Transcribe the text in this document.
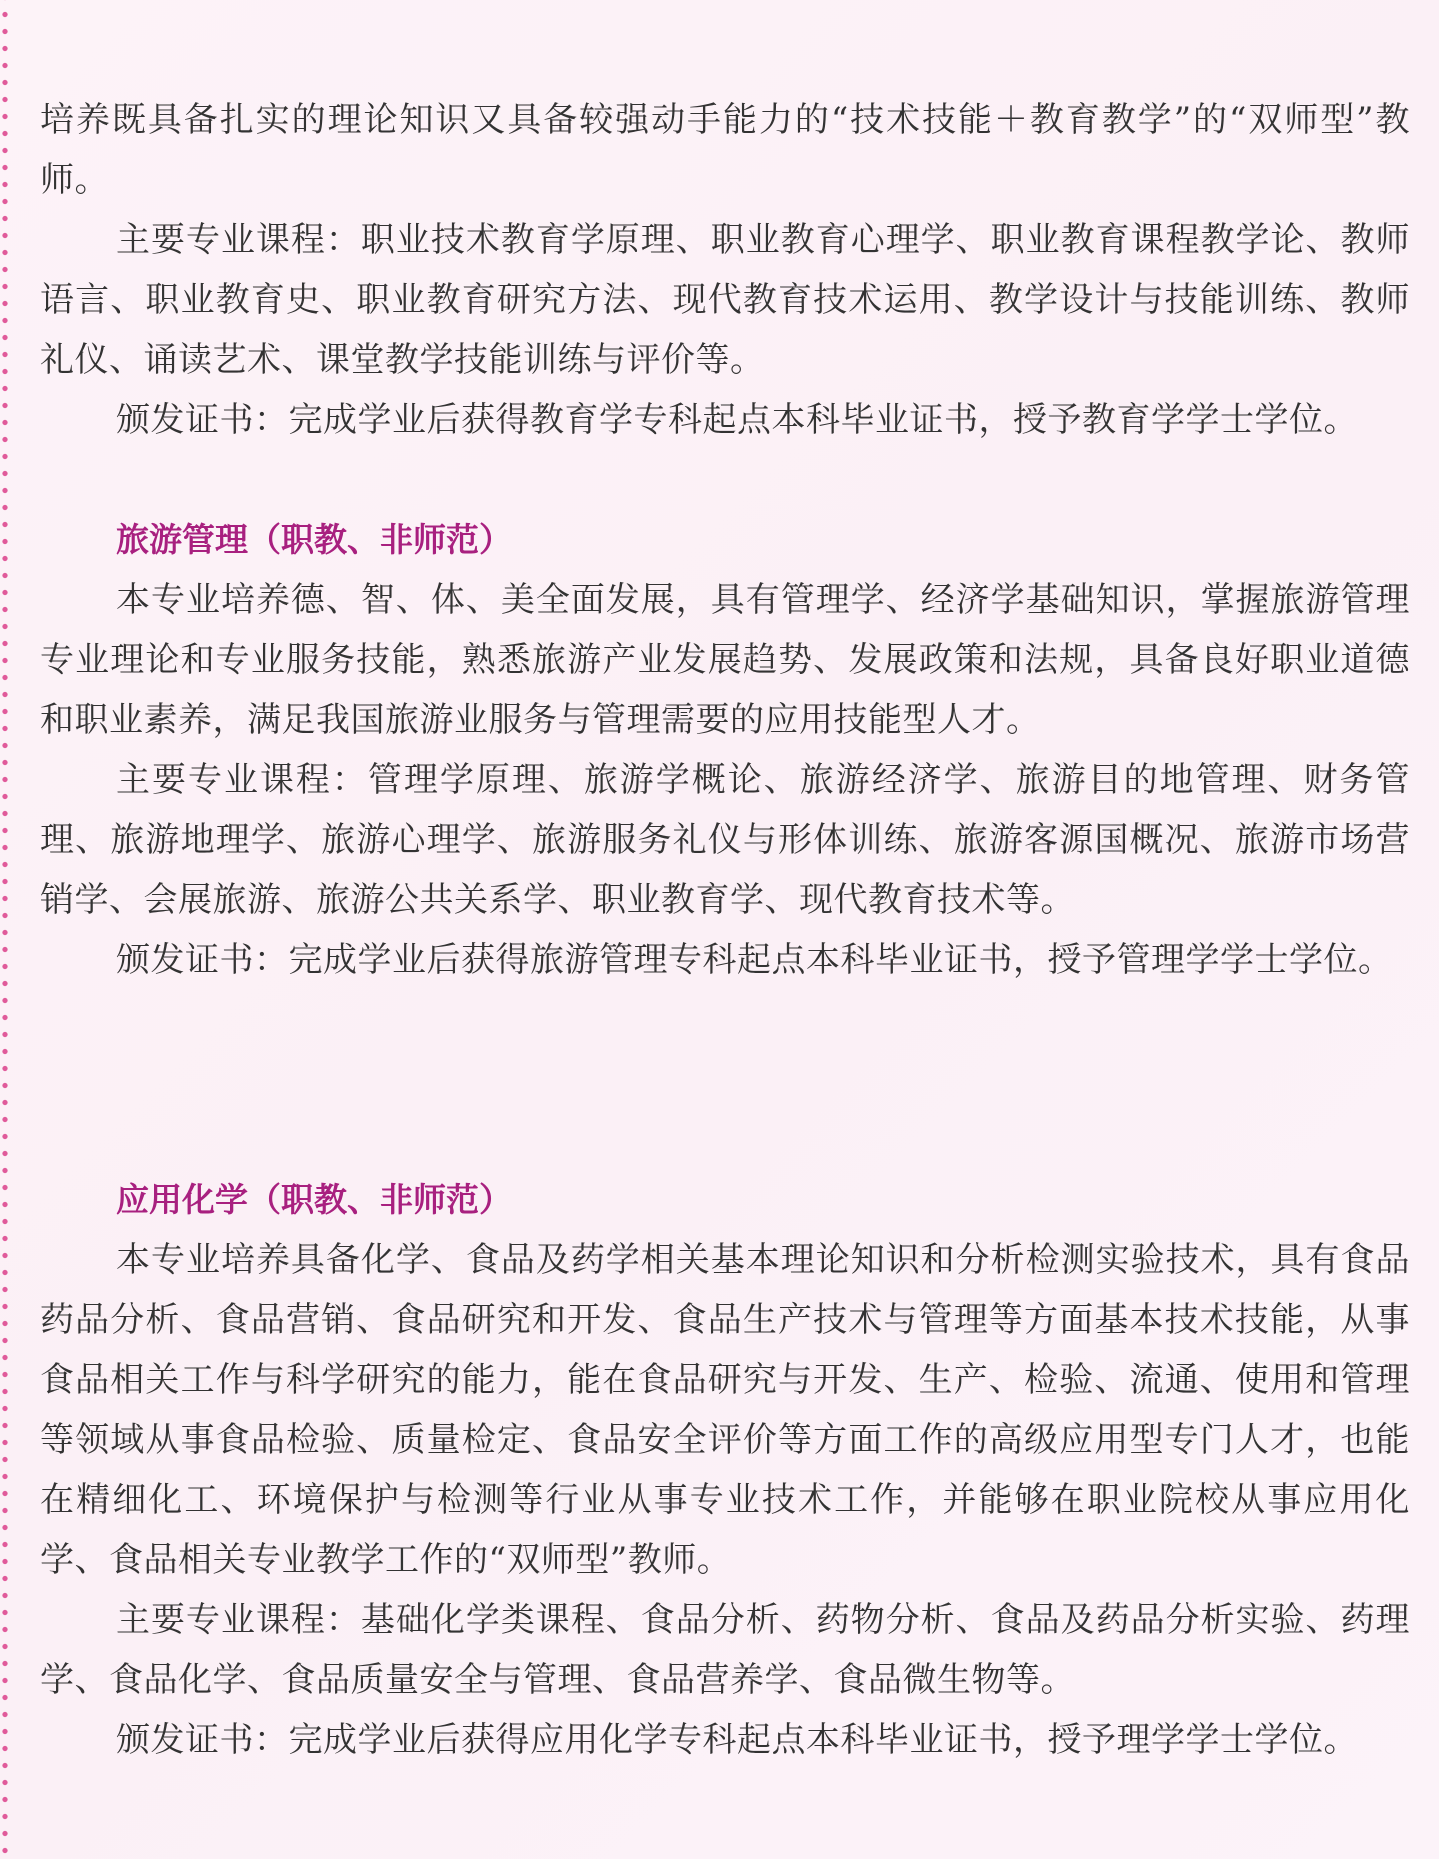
培养既具备扎实的理论知识又具备较强动手能力的“技术技能＋教育教学”的“双师型”教师。

主要专业课程：职业技术教育学原理、职业教育心理学、职业教育课程教学论、教师语言、职业教育史、职业教育研究方法、现代教育技术运用、教学设计与技能训练、教师礼仪、诵读艺术、课堂教学技能训练与评价等。

颁发证书：完成学业后获得教育学专科起点本科毕业证书，授予教育学学士学位。

旅游管理（职教、非师范）

本专业培养德、智、体、美全面发展，具有管理学、经济学基础知识，掌握旅游管理专业理论和专业服务技能，熟悉旅游产业发展趋势、发展政策和法规，具备良好职业道德和职业素养，满足我国旅游业服务与管理需要的应用技能型人才。

主要专业课程：管理学原理、旅游学概论、旅游经济学、旅游目的地管理、财务管理、旅游地理学、旅游心理学、旅游服务礼仪与形体训练、旅游客源国概况、旅游市场营销学、会展旅游、旅游公共关系学、职业教育学、现代教育技术等。

颁发证书：完成学业后获得旅游管理专科起点本科毕业证书，授予管理学学士学位。

应用化学（职教、非师范）

本专业培养具备化学、食品及药学相关基本理论知识和分析检测实验技术，具有食品药品分析、食品营销、食品研究和开发、食品生产技术与管理等方面基本技术技能，从事食品相关工作与科学研究的能力，能在食品研究与开发、生产、检验、流通、使用和管理等领域从事食品检验、质量检定、食品安全评价等方面工作的高级应用型专门人才，也能在精细化工、环境保护与检测等行业从事专业技术工作，并能够在职业院校从事应用化学、食品相关专业教学工作的“双师型”教师。

主要专业课程：基础化学类课程、食品分析、药物分析、食品及药品分析实验、药理学、食品化学、食品质量安全与管理、食品营养学、食品微生物等。

颁发证书：完成学业后获得应用化学专科起点本科毕业证书，授予理学学士学位。
